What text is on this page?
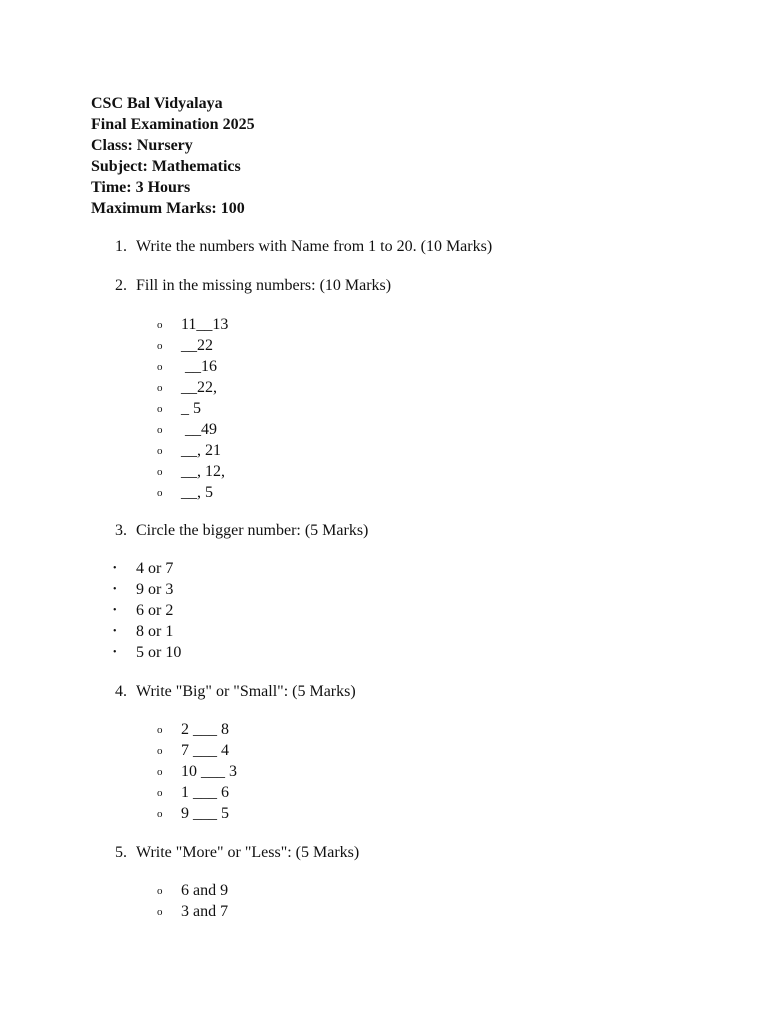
CSC Bal Vidyalaya
Final Examination 2025
Class: Nursery
Subject: Mathematics
Time: 3 Hours
Maximum Marks: 100
1. Write the numbers with Name from 1 to 20. (10 Marks)
2. Fill in the missing numbers: (10 Marks)
o 11__13
o __22
o __16
o __22,
o _ 5
o __49
o __, 21
o __, 12,
o __, 5
3. Circle the bigger number: (5 Marks)
• 4 or 7
• 9 or 3
• 6 or 2
• 8 or 1
• 5 or 10
4. Write "Big" or "Small": (5 Marks)
o 2 ___ 8
o 7 ___ 4
o 10 ___ 3
o 1 ___ 6
o 9 ___ 5
5. Write "More" or "Less": (5 Marks)
o 6 and 9
o 3 and 7
